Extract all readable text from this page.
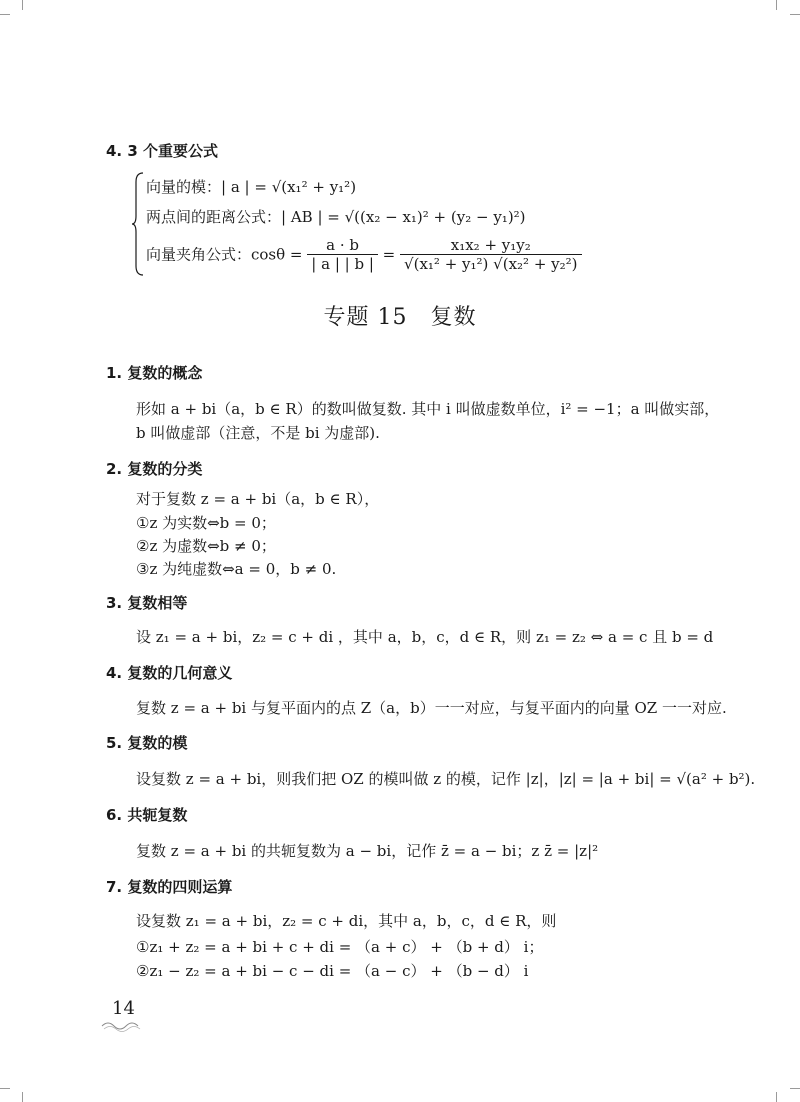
4. 3 个重要公式
向量的模：| a | = √(x₁² + y₁²)
两点间的距离公式：| AB | = √((x₂ − x₁)² + (y₂ − y₁)²)
向量夹角公式：$\cos\theta = \frac{a \cdot b}{| a | | b |} = \frac{\text{x₁x₂ + y₁y₂}}{\text{√(x₁² + y₁²) √(x₂² + y₂²)}}$
专题 15　复数
1. 复数的概念
形如 a + bi（a，b ∈ R）的数叫做复数. 其中 i 叫做虚数单位，i² = −1；a 叫做实部，
b 叫做虚部（注意，不是 bi 为虚部).
2. 复数的分类
对于复数 z = a + bi（a，b ∈ R），
①z 为实数⇔b = 0；
②z 为虚数⇔b ≠ 0；
③z 为纯虚数⇔a = 0，b ≠ 0.
3. 复数相等
设 z₁ = a + bi，z₂ = c + di ，其中 a，b，c，d ∈ R，则 z₁ = z₂ ⇔ a = c 且 b = d
4. 复数的几何意义
复数 z = a + bi 与复平面内的点 Z（a，b）一一对应，与复平面内的向量 OZ 一一对应.
5. 复数的模
设复数 z = a + bi，则我们把 OZ 的模叫做 z 的模，记作 |z|，|z| = |a + bi| = √(a² + b²).
6. 共轭复数
复数 z = a + bi 的共轭复数为 a − bi，记作 z̄ = a − bi；z z̄ = |z|²
7. 复数的四则运算
设复数 z₁ = a + bi，z₂ = c + di，其中 a，b，c，d ∈ R，则
①z₁ + z₂ = a + bi + c + di = （a + c） + （b + d） i；
②z₁ − z₂ = a + bi − c − di = （a − c） + （b − d） i
14
